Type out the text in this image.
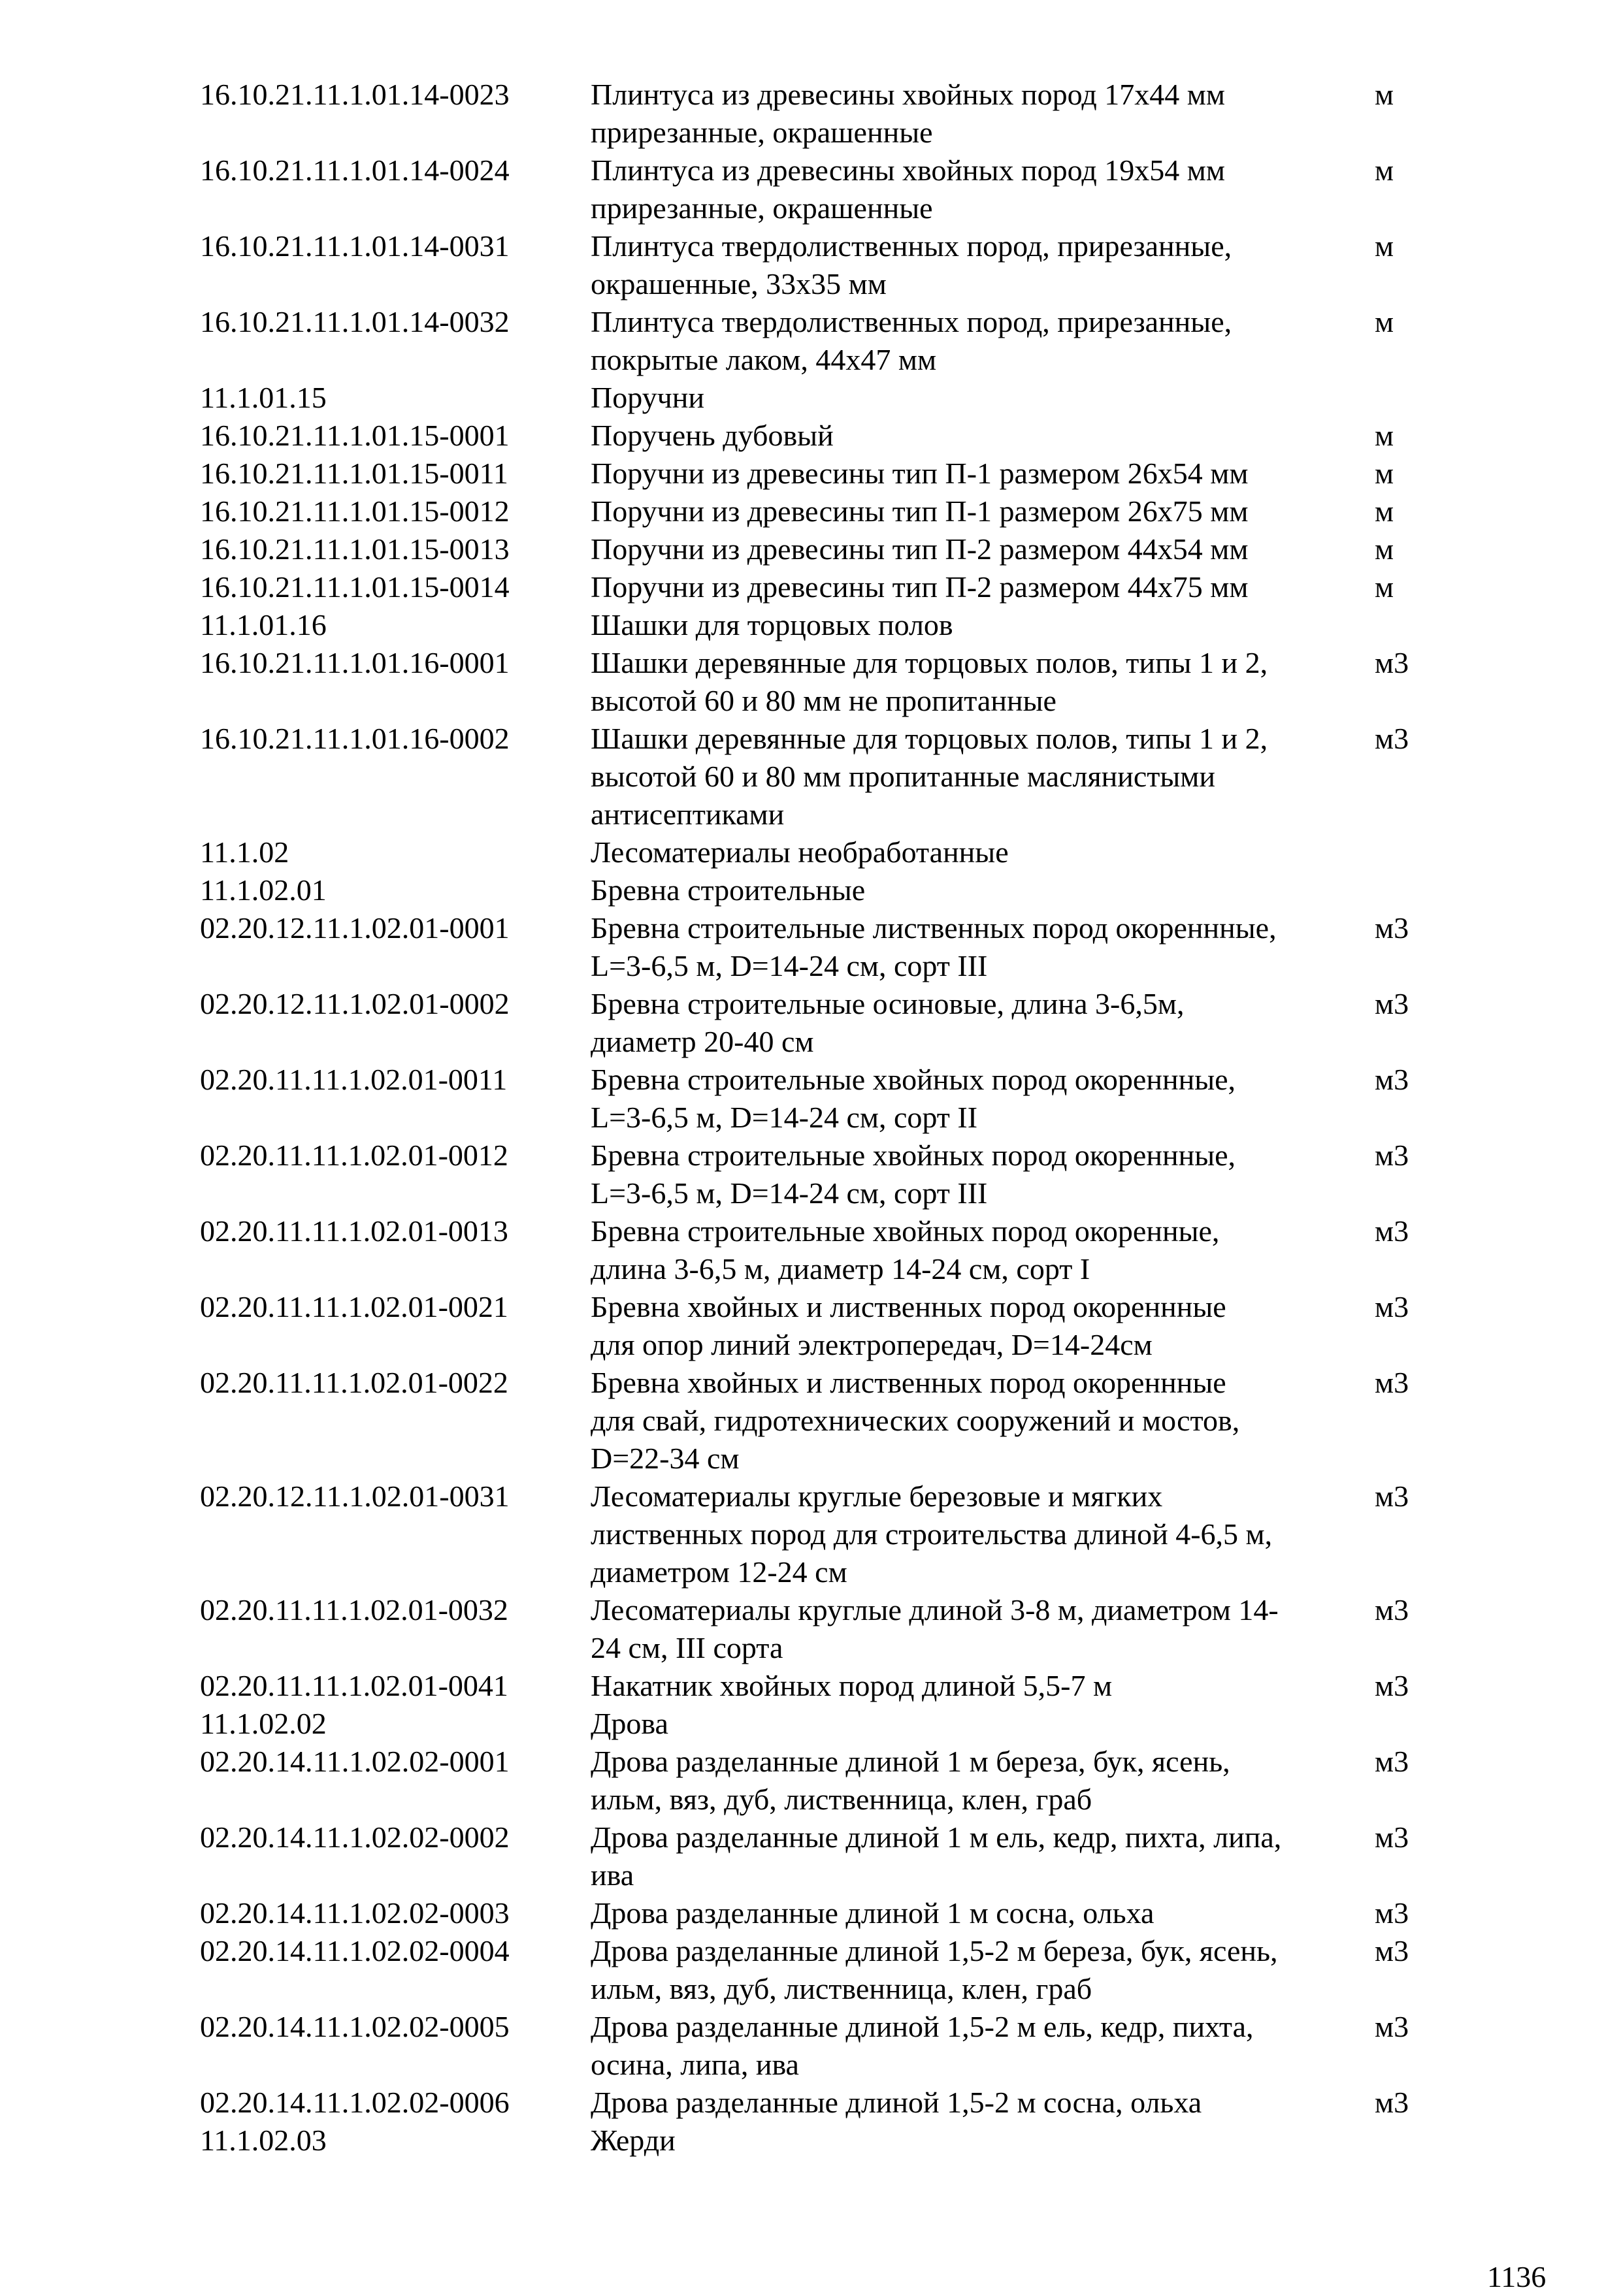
16.10.21.11.1.01.14-0023	Плинтуса из древесины хвойных пород 17х44 мм
прирезанные, окрашенные
м
16.10.21.11.1.01.14-0024	Плинтуса из древесины хвойных пород 19х54 мм
прирезанные, окрашенные
м
16.10.21.11.1.01.14-0031	Плинтуса твердолиственных пород, прирезанные,
окрашенные, 33х35 мм
м
16.10.21.11.1.01.14-0032	Плинтуса твердолиственных пород, прирезанные,
покрытые лаком, 44х47 мм
м
11.1.01.15	Поручни
16.10.21.11.1.01.15-0001	Поручень дубовый	м
16.10.21.11.1.01.15-0011	Поручни из древесины тип П-1 размером 26х54 мм	м
16.10.21.11.1.01.15-0012	Поручни из древесины тип П-1 размером 26х75 мм	м
16.10.21.11.1.01.15-0013	Поручни из древесины тип П-2 размером 44х54 мм	м
16.10.21.11.1.01.15-0014	Поручни из древесины тип П-2 размером 44х75 мм	м
11.1.01.16	Шашки для торцовых полов
16.10.21.11.1.01.16-0001	Шашки деревянные для торцовых полов, типы 1 и 2,
высотой 60 и 80 мм не пропитанные
м3
16.10.21.11.1.01.16-0002	Шашки деревянные для торцовых полов, типы 1 и 2,
высотой 60 и 80 мм пропитанные маслянистыми
антисептиками
м3
11.1.02	Лесоматериалы необработанные
11.1.02.01	Бревна строительные
02.20.12.11.1.02.01-0001	Бревна строительные лиственных пород окореннные,
L=3-6,5 м, D=14-24 см, сорт III
м3
02.20.12.11.1.02.01-0002	Бревна строительные осиновые, длина 3-6,5м,
диаметр 20-40 см
м3
02.20.11.11.1.02.01-0011	Бревна строительные хвойных пород окореннные,
L=3-6,5 м, D=14-24 см, сорт II
м3
02.20.11.11.1.02.01-0012	Бревна строительные хвойных пород окореннные,
L=3-6,5 м, D=14-24 см, сорт III
м3
02.20.11.11.1.02.01-0013	Бревна строительные хвойных пород окоренные,
длина 3-6,5 м, диаметр 14-24 см, сорт I
м3
02.20.11.11.1.02.01-0021	Бревна хвойных и лиственных пород окореннные
для опор линий электропередач, D=14-24см
м3
02.20.11.11.1.02.01-0022	Бревна хвойных и лиственных пород окореннные
для свай, гидротехнических сооружений и мостов,
D=22-34 см
м3
02.20.12.11.1.02.01-0031	Лесоматериалы круглые березовые и мягких
лиственных пород для строительства длиной 4-6,5 м,
диаметром 12-24 см
м3
02.20.11.11.1.02.01-0032	Лесоматериалы круглые длиной 3-8 м, диаметром 14-
24 см, III сорта
м3
02.20.11.11.1.02.01-0041	Накатник хвойных пород длиной 5,5-7 м	м3
11.1.02.02	Дрова
02.20.14.11.1.02.02-0001	Дрова разделанные длиной 1 м береза, бук, ясень,
ильм, вяз, дуб, лиственница, клен, граб
м3
02.20.14.11.1.02.02-0002	Дрова разделанные длиной 1 м ель, кедр, пихта, липа,
ива
м3
02.20.14.11.1.02.02-0003	Дрова разделанные длиной 1 м сосна, ольха	м3
02.20.14.11.1.02.02-0004	Дрова разделанные длиной 1,5-2 м береза, бук, ясень,
ильм, вяз, дуб, лиственница, клен, граб
м3
02.20.14.11.1.02.02-0005	Дрова разделанные длиной 1,5-2 м ель, кедр, пихта,
осина, липа, ива
м3
02.20.14.11.1.02.02-0006	Дрова разделанные длиной 1,5-2 м сосна, ольха	м3
11.1.02.03	Жерди
1136
